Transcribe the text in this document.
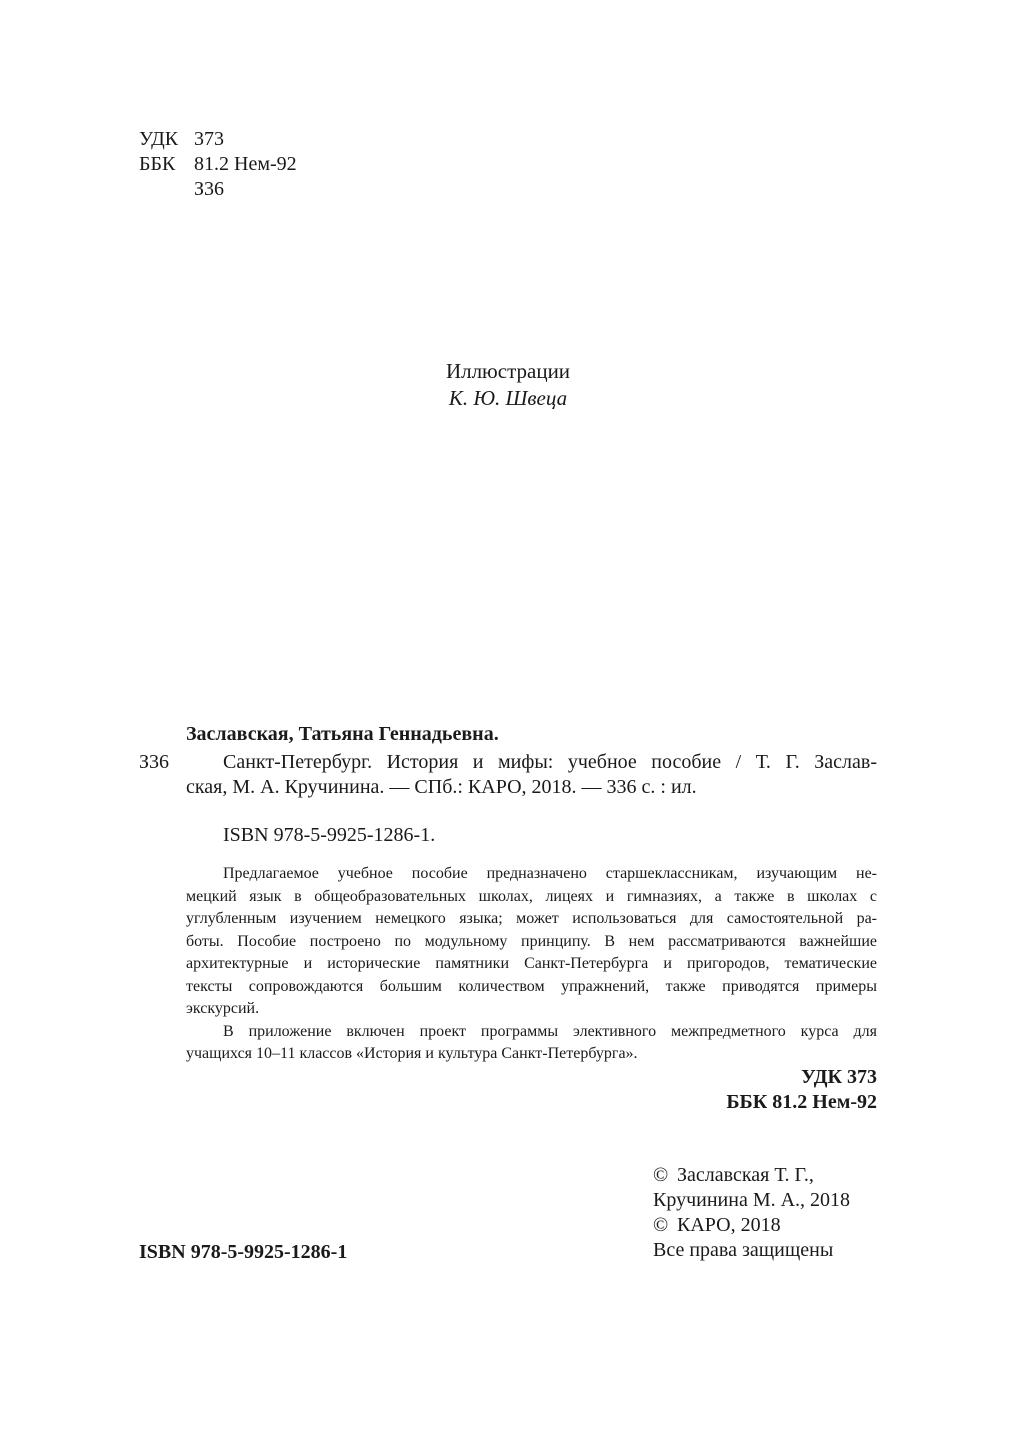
УДК 373
ББК 81.2 Нем-92
З36
Иллюстрации
К. Ю. Швеца
Заславская, Татьяна Геннадьевна.
З36	Санкт-Петербург. История и мифы: учебное пособие / Т. Г. Заслав-
ская, М. А. Кручинина. — СПб.: КАРО, 2018. — 336 с. : ил.
ISBN 978-5-9925-1286-1.
Предлагаемое учебное пособие предназначено старшеклассникам, изучающим не-
мецкий язык в общеобразовательных школах, лицеях и гимназиях, а также в школах с
углубленным изучением немецкого языка; может использоваться для самостоятельной ра-
боты. Пособие построено по модульному принципу. В нем рассматриваются важнейшие
архитектурные и исторические памятники Санкт-Петербурга и пригородов, тематические
тексты сопровождаются большим количеством упражнений, также приводятся примеры
экскурсий.
В приложение включен проект программы элективного межпредметного курса для
учащихся 10–11 классов «История и культура Санкт-Петербурга».
УДК 373
ББК 81.2 Нем-92
© Заславская Т. Г.,
Кручинина М. А., 2018
© КАРО, 2018
Все права защищены
ISBN 978-5-9925-1286-1
